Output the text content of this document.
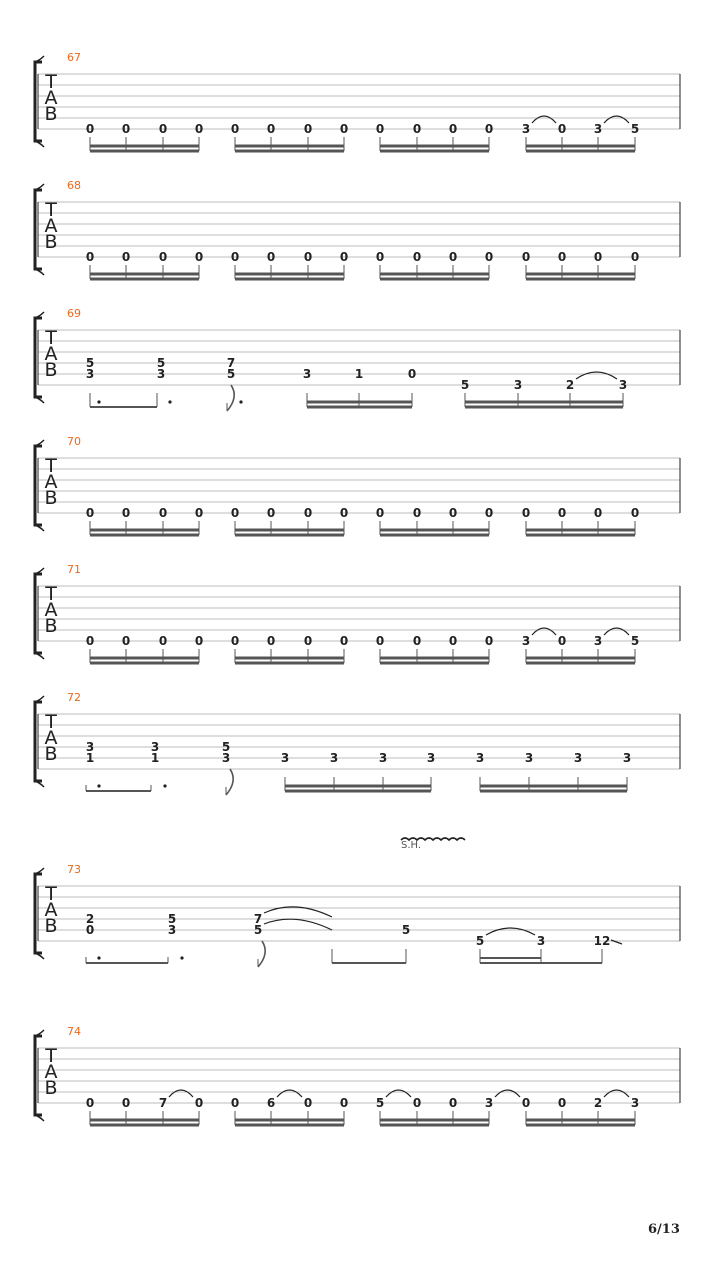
T
A
B
67
0 0 0 0 0 0 0 0 0 0 0 0 3 0 3 5
T
A
B
68
0 0 0 0 0 0 0 0 0 0 0 0 0 0 0 0
T
A
B
69
5
3
5
3
7
5	3	1	0
5	3	2	3
T
A
B
70
0 0 0 0 0 0 0 0 0 0 0 0 0 0 0 0
T
A
B
71
0 0 0 0 0 0 0 0 0 0 0 0 3 0 3 5
T
A
B
72
3
1
3
1
5
3	3	3	3	3	3	3	3	3
T
A
B
73
2
0
5
3
7
5	5
5	3	12
S.H.
T
A
B
74
0 0 7 0 0 6 0 0 5 0 0 3 0 0 2 3
6/13
